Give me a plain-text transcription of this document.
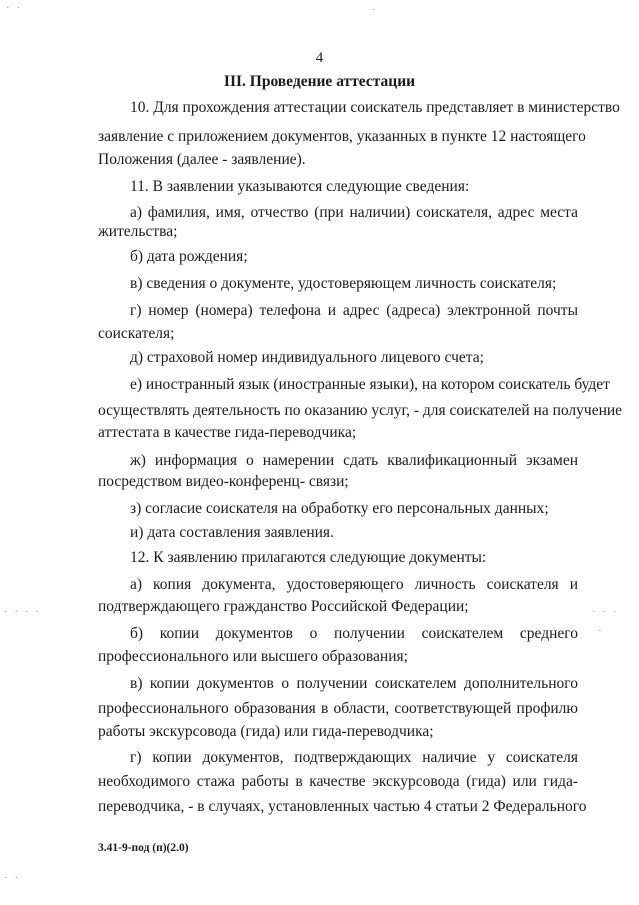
4
III. Проведение аттестации
10. Для прохождения аттестации соискатель представляет в министерство
заявление с приложением документов, указанных в пункте 12 настоящего
Положения (далее - заявление).
11. В заявлении указываются следующие сведения:
а) фамилия, имя, отчество (при наличии) соискателя, адрес места
жительства;
б) дата рождения;
в) сведения о документе, удостоверяющем личность соискателя;
г) номер (номера) телефона и адрес (адреса) электронной почты
соискателя;
д) страховой номер индивидуального лицевого счета;
е) иностранный язык (иностранные языки), на котором соискатель будет
осуществлять деятельность по оказанию услуг, - для соискателей на получение
аттестата в качестве гида-переводчика;
ж) информация о намерении сдать квалификационный экзамен
посредством видео-конференц- связи;
з) согласие соискателя на обработку его персональных данных;
и) дата составления заявления.
12. К заявлению прилагаются следующие документы:
а) копия документа, удостоверяющего личность соискателя и
подтверждающего гражданство Российской Федерации;
б) копии документов о получении соискателем среднего
профессионального или высшего образования;
в) копии документов о получении соискателем дополнительного
профессионального образования в области, соответствующей профилю
работы экскурсовода (гида) или гида-переводчика;
г) копии документов, подтверждающих наличие у соискателя
необходимого стажа работы в качестве экскурсовода (гида) или гида-
переводчика, - в случаях, установленных частью 4 статьи 2 Федерального
3.41-9-под (п)(2.0)
· ·	·
· · · ·	· · ·
·
· ·
